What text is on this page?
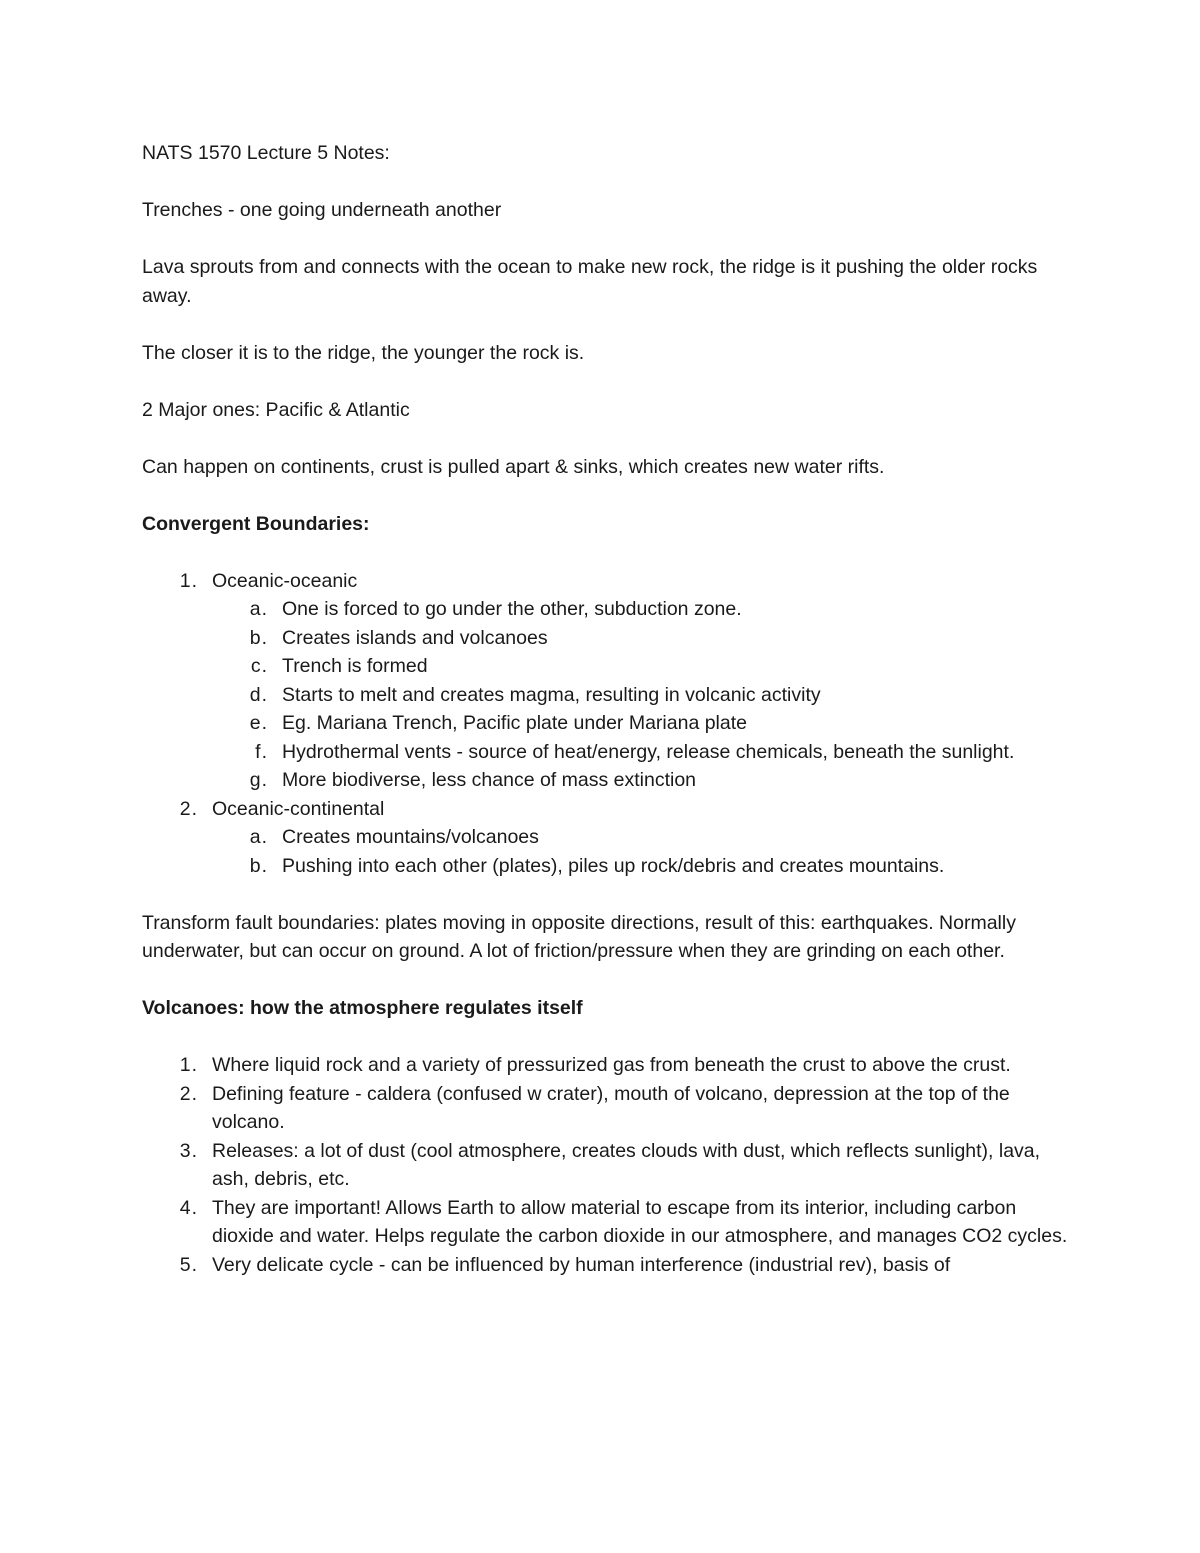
NATS 1570 Lecture 5 Notes:

Trenches - one going underneath another

Lava sprouts from and connects with the ocean to make new rock, the ridge is it pushing the older rocks away.

The closer it is to the ridge, the younger the rock is.

2 Major ones: Pacific & Atlantic

Can happen on continents, crust is pulled apart & sinks, which creates new water rifts.

Convergent Boundaries:

1. Oceanic-oceanic
a. One is forced to go under the other, subduction zone.
b. Creates islands and volcanoes
c. Trench is formed
d. Starts to melt and creates magma, resulting in volcanic activity
e. Eg. Mariana Trench, Pacific plate under Mariana plate
f. Hydrothermal vents - source of heat/energy, release chemicals, beneath the sunlight.
g. More biodiverse, less chance of mass extinction
2. Oceanic-continental
a. Creates mountains/volcanoes
b. Pushing into each other (plates), piles up rock/debris and creates mountains.

Transform fault boundaries: plates moving in opposite directions, result of this: earthquakes. Normally underwater, but can occur on ground. A lot of friction/pressure when they are grinding on each other.

Volcanoes: how the atmosphere regulates itself

1. Where liquid rock and a variety of pressurized gas from beneath the crust to above the crust.
2. Defining feature - caldera (confused w crater), mouth of volcano, depression at the top of the volcano.
3. Releases: a lot of dust (cool atmosphere, creates clouds with dust, which reflects sunlight), lava, ash, debris, etc.
4. They are important! Allows Earth to allow material to escape from its interior, including carbon dioxide and water. Helps regulate the carbon dioxide in our atmosphere, and manages CO2 cycles.
5. Very delicate cycle - can be influenced by human interference (industrial rev), basis of
